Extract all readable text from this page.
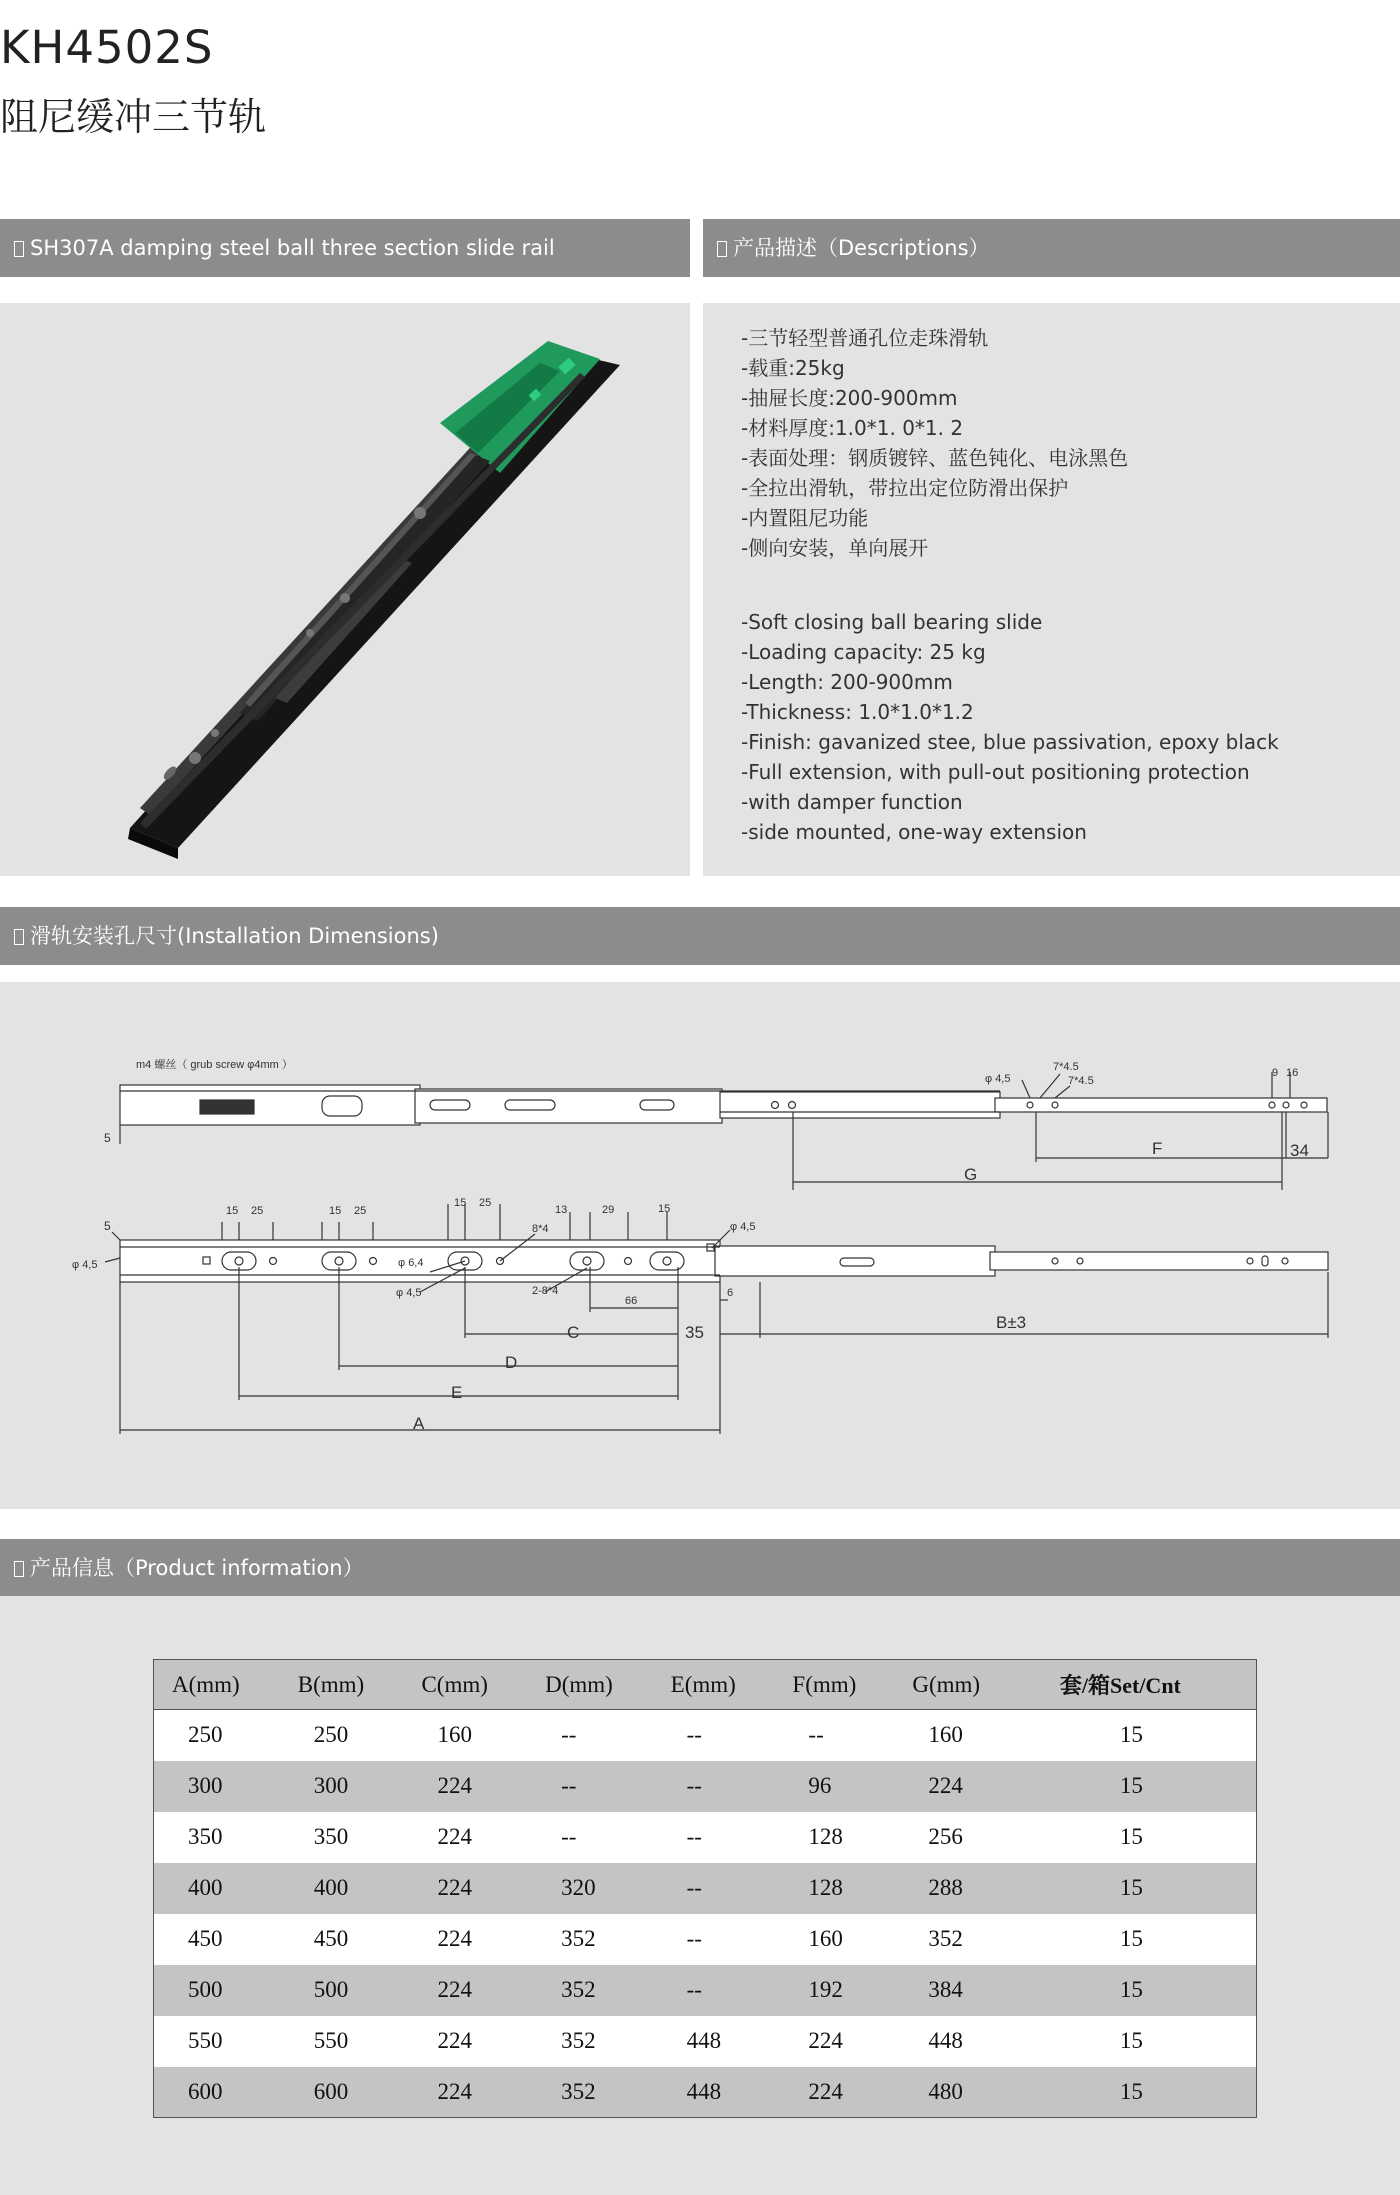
KH4502S
阻尼缓冲三节轨
SH307A damping steel ball three section slide rail	产品描述（Descriptions）
-三节轻型普通孔位走珠滑轨
-载重:25kg
-抽屉长度:200-900mm
-材料厚度:1.0*1. 0*1. 2
-表面处理：钢质镀锌、蓝色钝化、电泳黑色
-全拉出滑轨，带拉出定位防滑出保护
-内置阻尼功能
-侧向安装，单向展开
-Soft closing ball bearing slide
-Loading capacity: 25 kg
-Length: 200-900mm
-Thickness: 1.0*1.0*1.2
-Finish: gavanized stee, blue passivation, epoxy black
-Full extension, with pull-out positioning protection
-with damper function
-side mounted, one-way extension
滑轨安装孔尺寸(Installation Dimensions)
m4 螺丝（ grub screw φ4mm ）
5
φ 4,5
7*4.5
7*4.5
9 16
F	34
G
5
φ 4,5
15 25	15 25
15 25
13	29	15
8*4	φ 4,5
φ 6,4
φ 4,5	2-8*4
66
6
35
C
D
E
A
B±3
产品信息（Product information）
A(mm)	B(mm)	C(mm)	D(mm)	E(mm)	F(mm)	G(mm)	套/箱Set/Cnt
250	250	160	--	--	--	160	15
300	300	224	--	--	96	224	15
350	350	224	--	--	128	256	15
400	400	224	320	--	128	288	15
450	450	224	352	--	160	352	15
500	500	224	352	--	192	384	15
550	550	224	352	448	224	448	15
600	600	224	352	448	224	480	15
